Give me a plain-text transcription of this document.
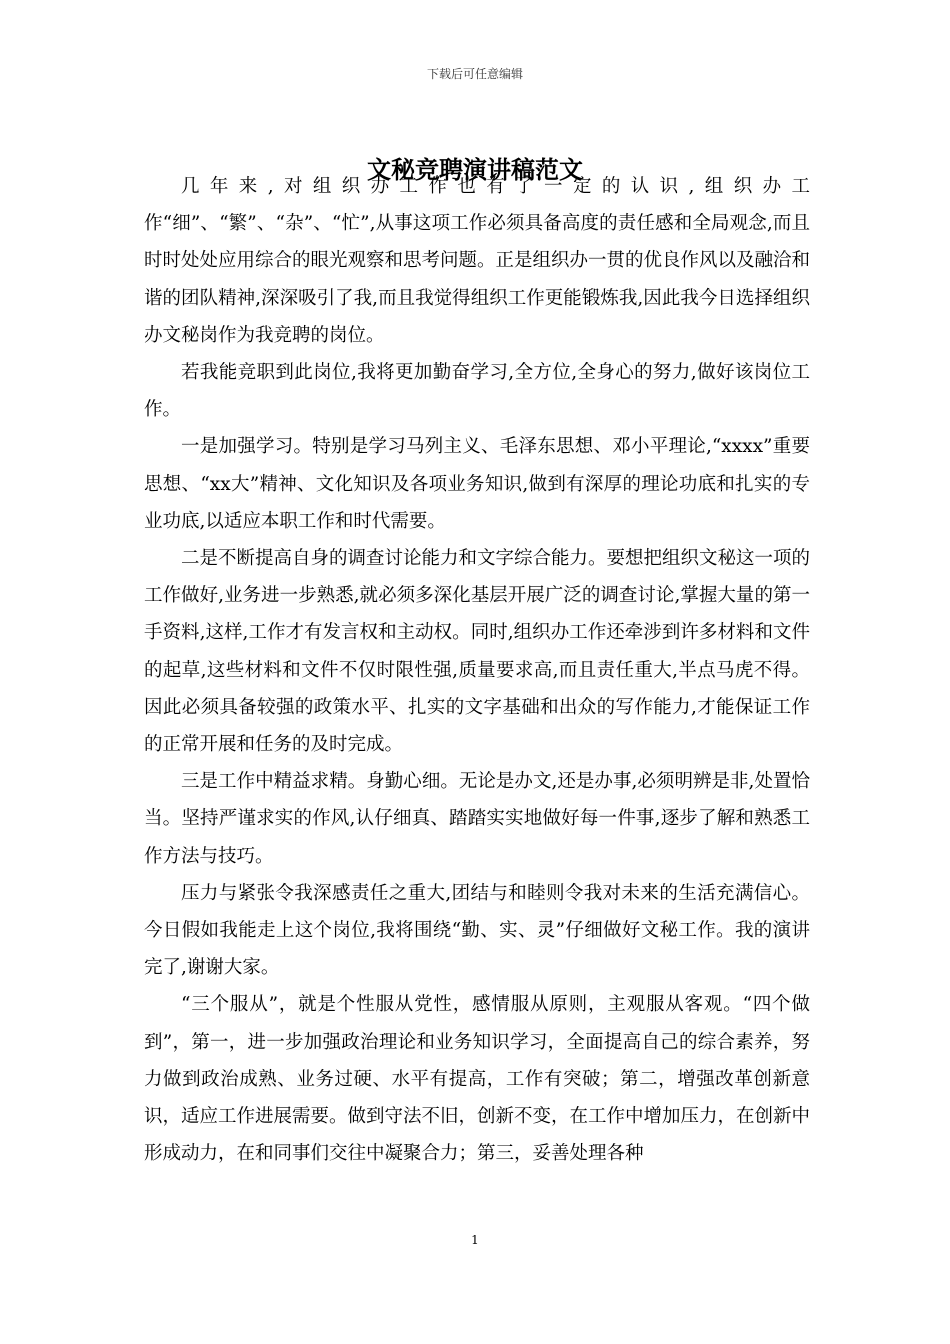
下载后可任意编辑
文秘竞聘演讲稿范文

几年来,对组织办工作也有了一定的认识,组织办工作“细”、“繁”、“杂”、“忙”,从事这项工作必须具备高度的责任感和全局观念,而且时时处处应用综合的眼光观察和思考问题。正是组织办一贯的优良作风以及融洽和谐的团队精神,深深吸引了我,而且我觉得组织工作更能锻炼我,因此我今日选择组织办文秘岗作为我竞聘的岗位。

若我能竞职到此岗位,我将更加勤奋学习,全方位,全身心的努力,做好该岗位工作。

一是加强学习。特别是学习马列主义、毛泽东思想、邓小平理论,“xxxx”重要思想、“xx大”精神、文化知识及各项业务知识,做到有深厚的理论功底和扎实的专业功底,以适应本职工作和时代需要。

二是不断提高自身的调查讨论能力和文字综合能力。要想把组织文秘这一项的工作做好,业务进一步熟悉,就必须多深化基层开展广泛的调查讨论,掌握大量的第一手资料,这样,工作才有发言权和主动权。同时,组织办工作还牵涉到许多材料和文件的起草,这些材料和文件不仅时限性强,质量要求高,而且责任重大,半点马虎不得。因此必须具备较强的政策水平、扎实的文字基础和出众的写作能力,才能保证工作的正常开展和任务的及时完成。

三是工作中精益求精。身勤心细。无论是办文,还是办事,必须明辨是非,处置恰当。坚持严谨求实的作风,认仔细真、踏踏实实地做好每一件事,逐步了解和熟悉工作方法与技巧。

压力与紧张令我深感责任之重大,团结与和睦则令我对未来的生活充满信心。今日假如我能走上这个岗位,我将围绕“勤、实、灵”仔细做好文秘工作。我的演讲完了,谢谢大家。

“三个服从”，就是个性服从党性，感情服从原则，主观服从客观。“四个做到”，第一，进一步加强政治理论和业务知识学习，全面提高自己的综合素养，努力做到政治成熟、业务过硬、水平有提高，工作有突破；第二，增强改革创新意识，适应工作进展需要。做到守法不旧，创新不变，在工作中增加压力，在创新中形成动力，在和同事们交往中凝聚合力；第三，妥善处理各种

1
